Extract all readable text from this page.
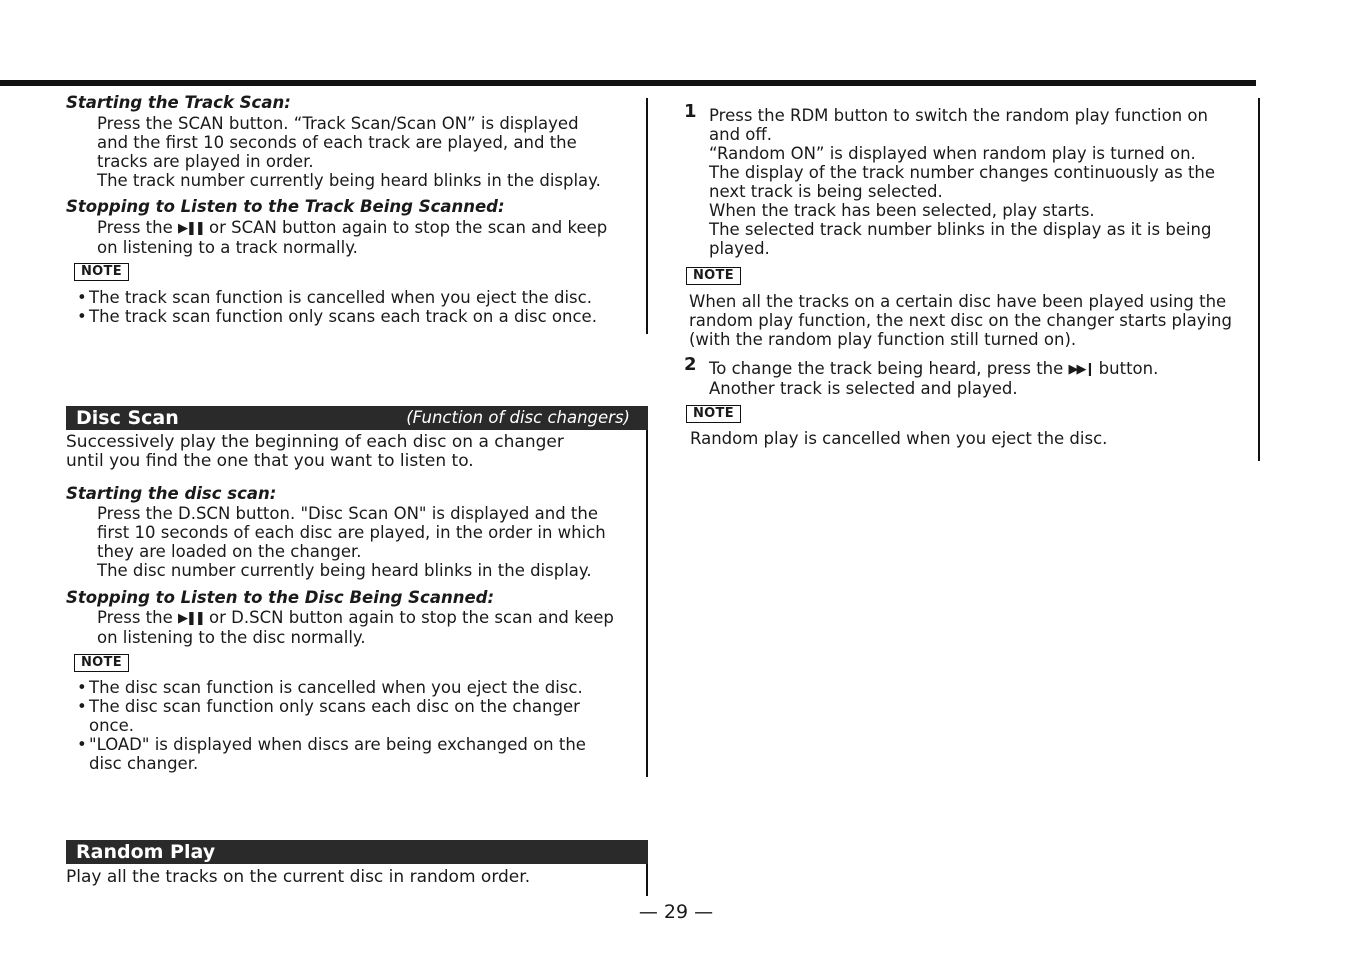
Starting the Track Scan:
Press the SCAN button. “Track Scan/Scan ON” is displayed
and the first 10 seconds of each track are played, and the
tracks are played in order.
The track number currently being heard blinks in the display.
Stopping to Listen to the Track Being Scanned:
Press the ▶❚❚ or SCAN button again to stop the scan and keep
on listening to a track normally.
NOTE
• The track scan function is cancelled when you eject the disc.
• The track scan function only scans each track on a disc once.
Disc Scan	(Function of disc changers)
Successively play the beginning of each disc on a changer
until you find the one that you want to listen to.
Starting the disc scan:
Press the D.SCN button. "Disc Scan ON" is displayed and the
first 10 seconds of each disc are played, in the order in which
they are loaded on the changer.
The disc number currently being heard blinks in the display.
Stopping to Listen to the Disc Being Scanned:
Press the ▶❚❚ or D.SCN button again to stop the scan and keep
on listening to the disc normally.
NOTE
• The disc scan function is cancelled when you eject the disc.
• The disc scan function only scans each disc on the changer
once.
• "LOAD" is displayed when discs are being exchanged on the
disc changer.
Random Play
Play all the tracks on the current disc in random order.
1 Press the RDM button to switch the random play function on
and off.
“Random ON” is displayed when random play is turned on.
The display of the track number changes continuously as the
next track is being selected.
When the track has been selected, play starts.
The selected track number blinks in the display as it is being
played.
NOTE
When all the tracks on a certain disc have been played using the
random play function, the next disc on the changer starts playing
(with the random play function still turned on).
2 To change the track being heard, press the ▶▶❙ button.
Another track is selected and played.
NOTE
Random play is cancelled when you eject the disc.
— 29 —
